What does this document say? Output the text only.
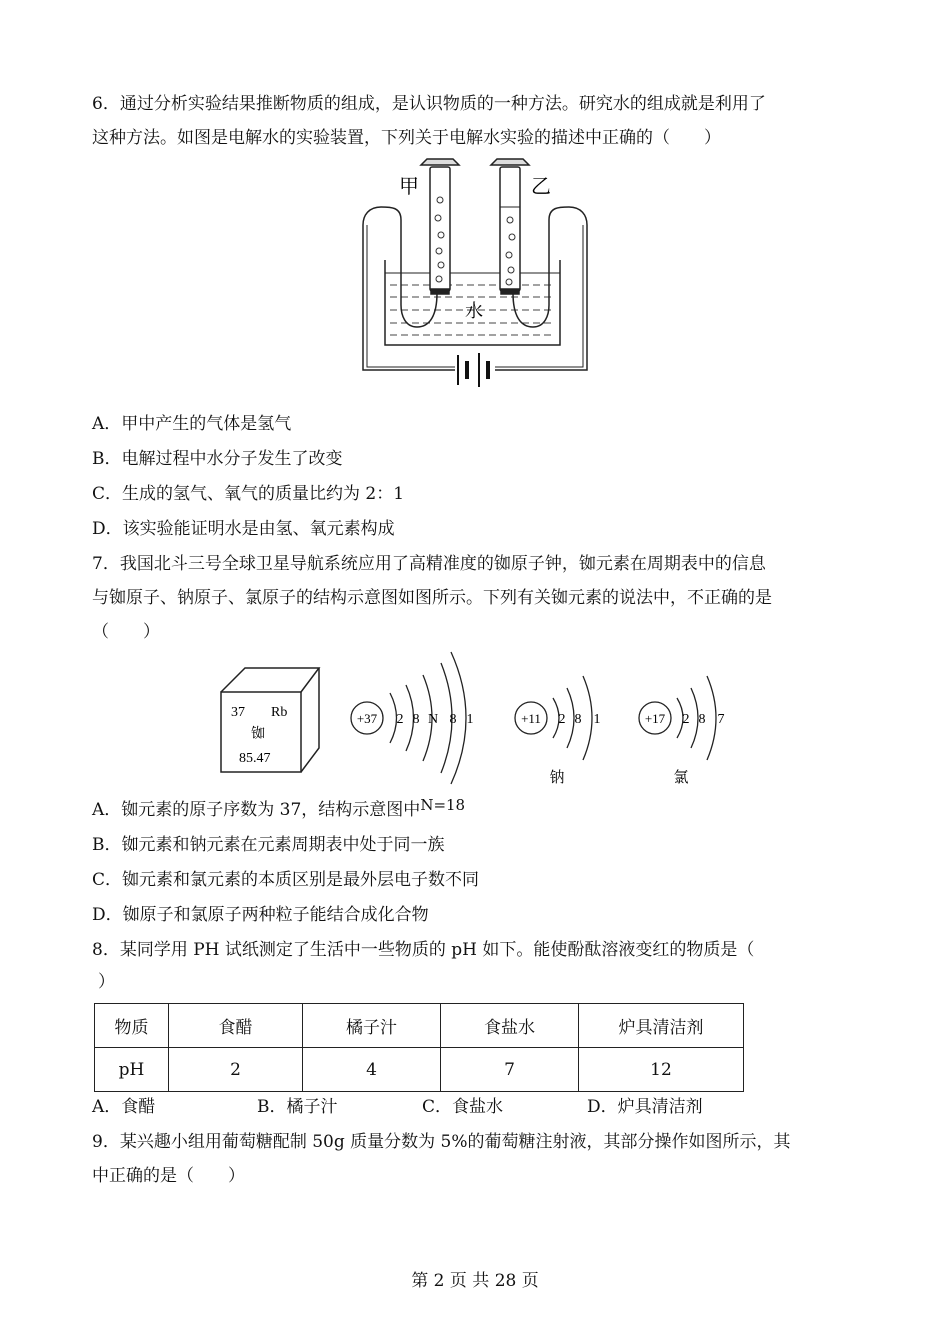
6．通过分析实验结果推断物质的组成，是认识物质的一种方法。研究水的组成就是利用了
这种方法。如图是电解水的实验装置，下列关于电解水实验的描述中正确的（　　）
甲	乙
水
A．甲中产生的气体是氢气
B．电解过程中水分子发生了改变
C．生成的氢气、氧气的质量比约为 2：1
D．该实验能证明水是由氢、氧元素构成
7．我国北斗三号全球卫星导航系统应用了高精准度的铷原子钟，铷元素在周期表中的信息
与铷原子、钠原子、氯原子的结构示意图如图所示。下列有关铷元素的说法中，不正确的是
（　　）
37 Rb
铷
85.47
+37 2 8 N 8 1	+11 2 8 1
钠
+17 2 8 7
氯
A．铷元素的原子序数为 37，结构示意图中N=18
B．铷元素和钠元素在元素周期表中处于同一族
C．铷元素和氯元素的本质区别是最外层电子数不同
D．铷原子和氯原子两种粒子能结合成化合物
8．某同学用 PH 试纸测定了生活中一些物质的 pH 如下。能使酚酞溶液变红的物质是（
）
物质	食醋	橘子汁	食盐水	炉具清洁剂
pH	2	4	7	12
A．食醋	B．橘子汁	C．食盐水	D．炉具清洁剂
9．某兴趣小组用葡萄糖配制 50g 质量分数为 5%的葡萄糖注射液，其部分操作如图所示，其
中正确的是（　　）
第 2 页 共 28 页
